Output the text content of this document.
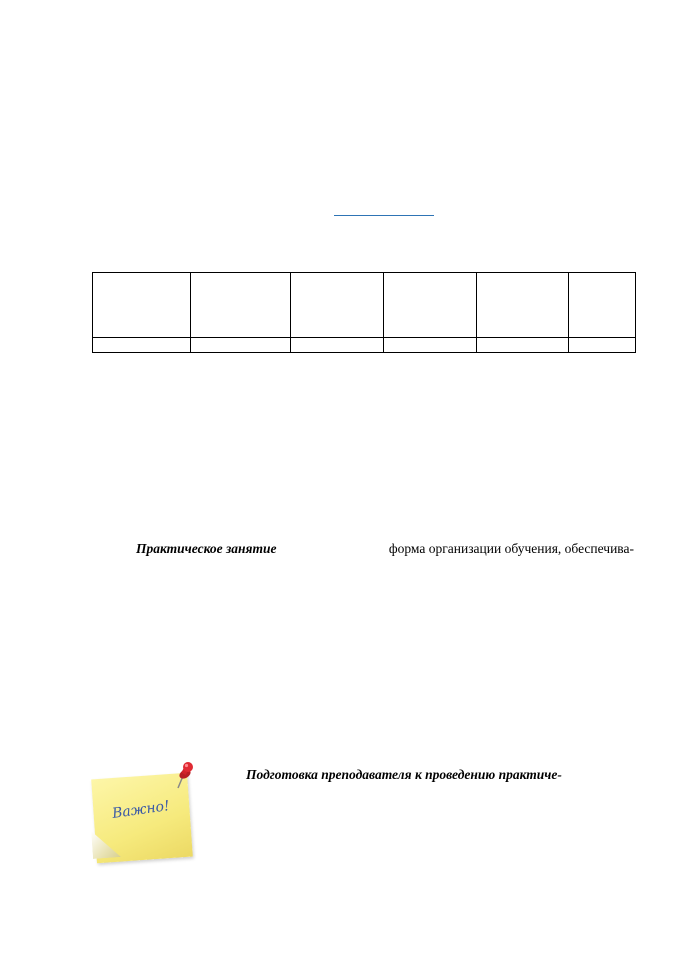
Практическое занятие	форма организации обучения, обеспечива-
Важно!
Подготовка преподавателя к проведению практиче-
